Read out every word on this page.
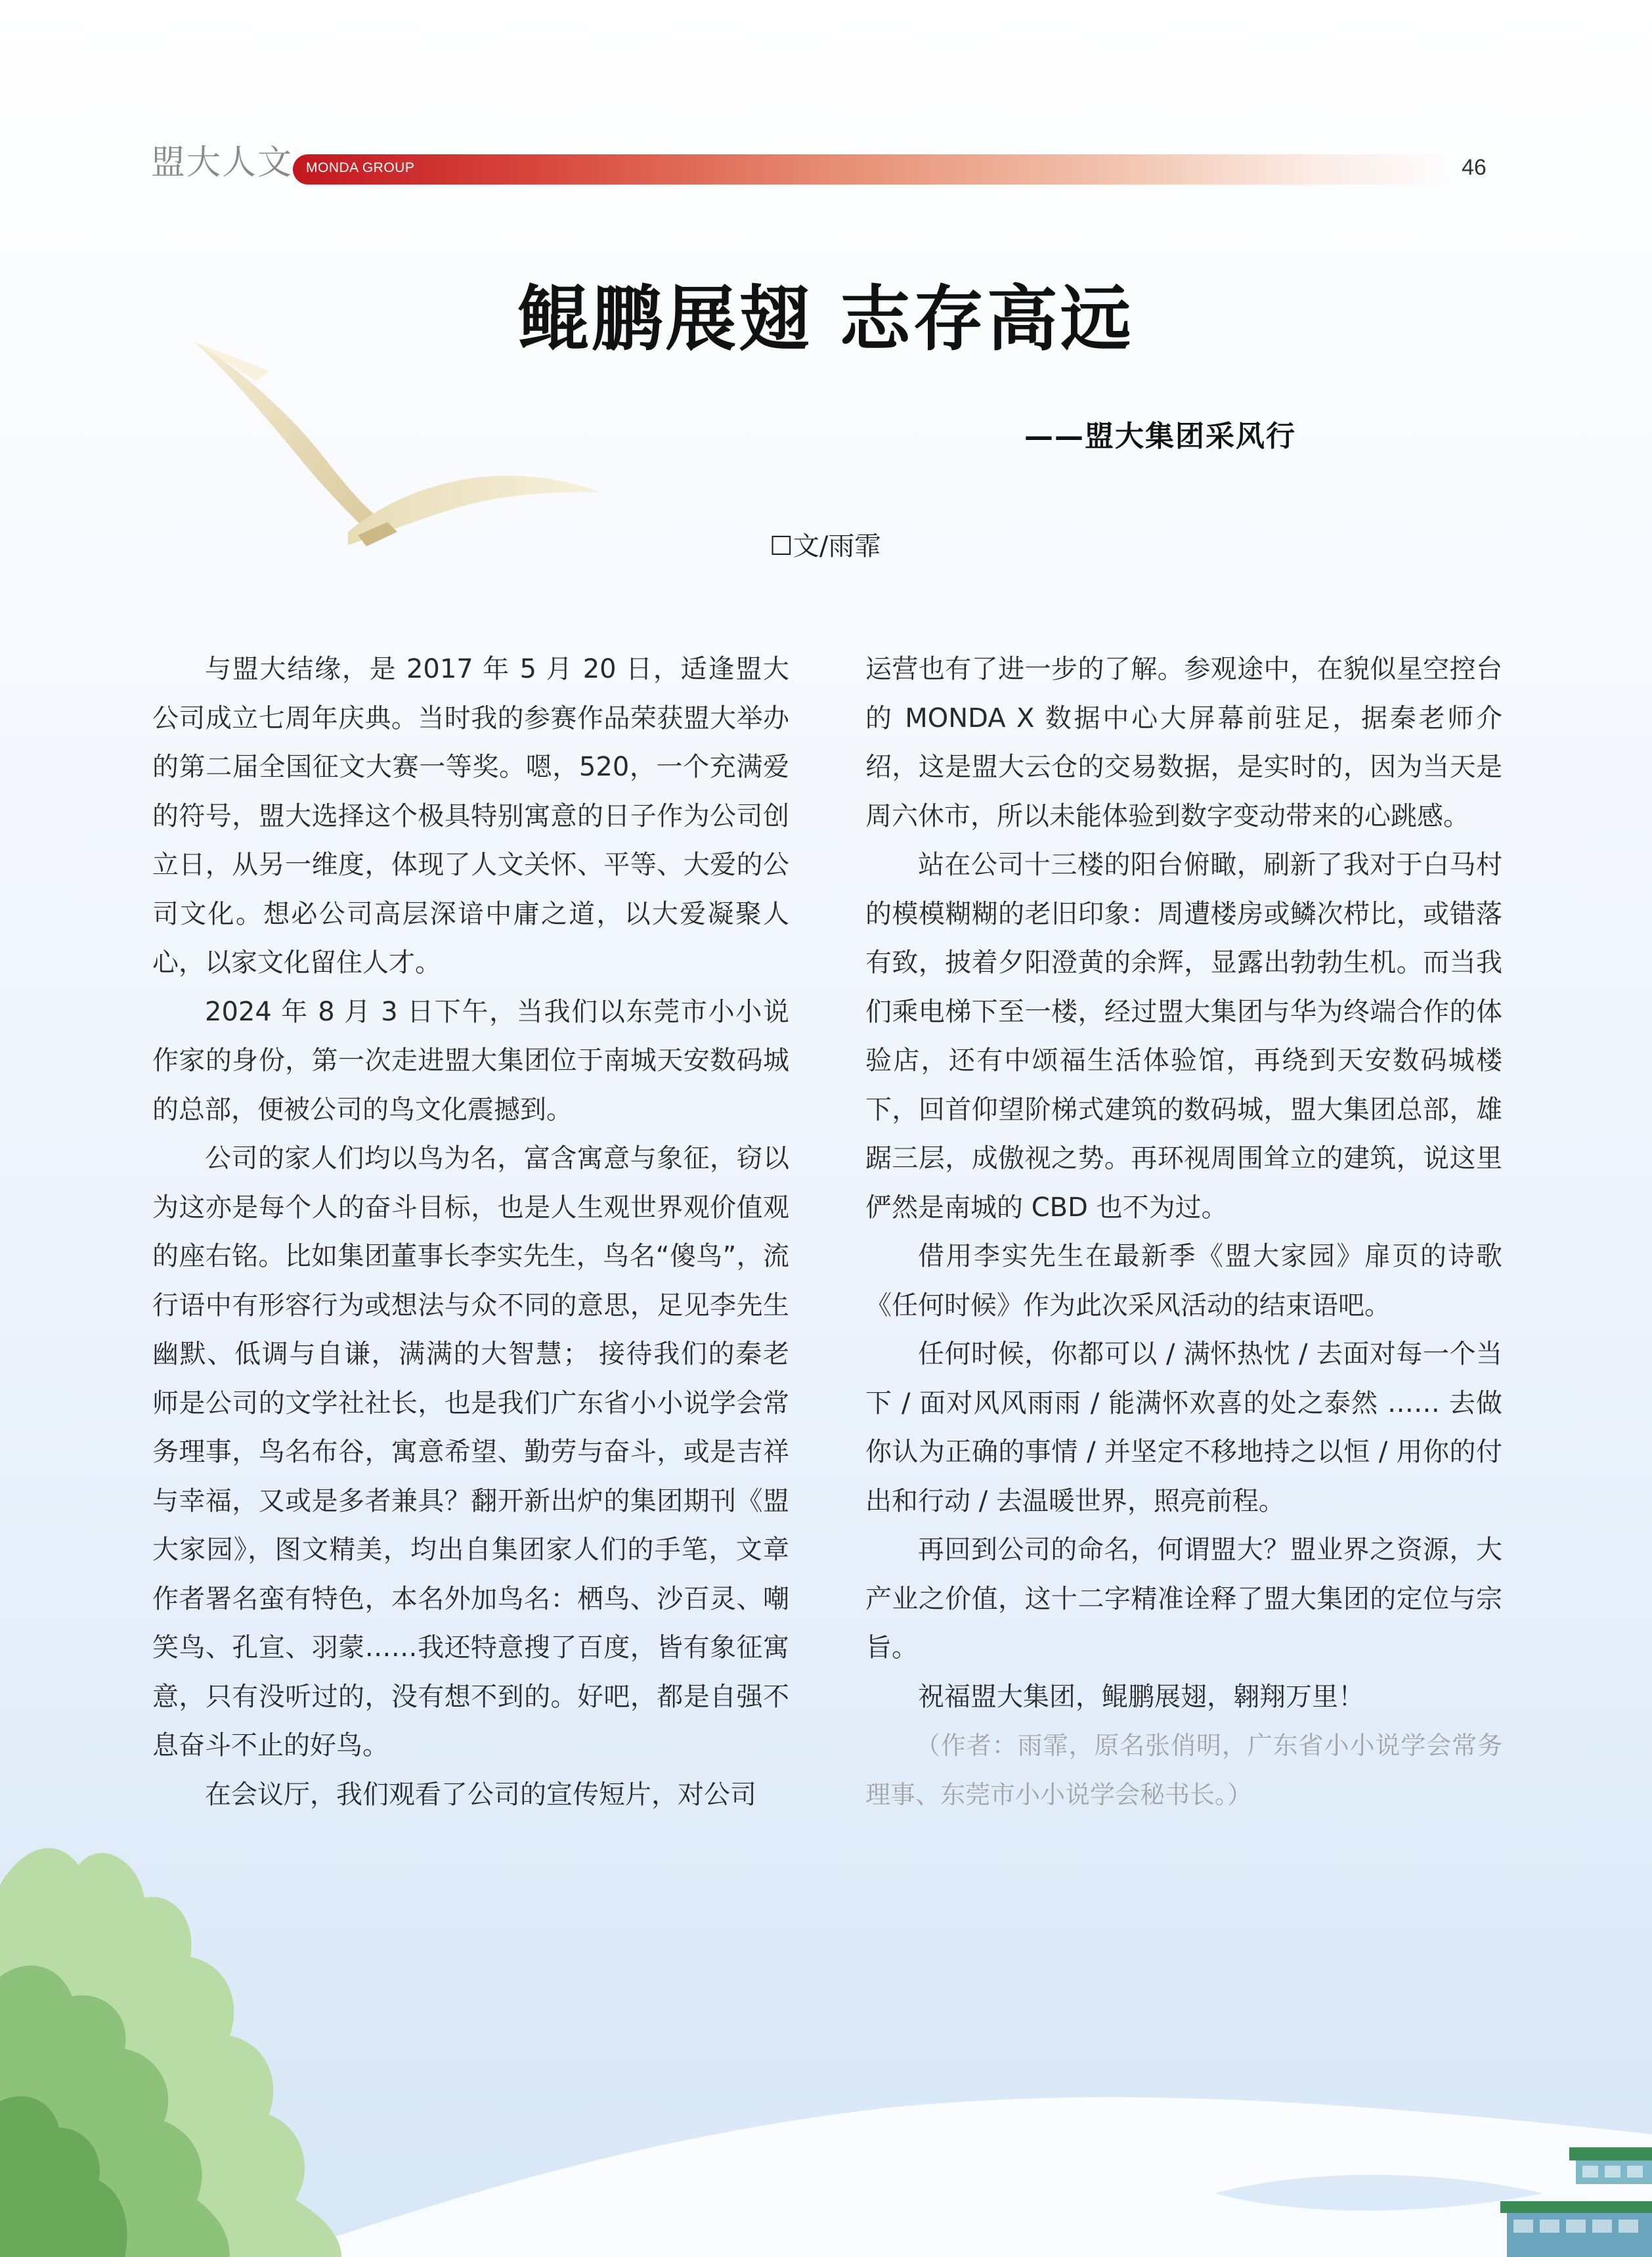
盟大人文 MONDA GROUP	46
鲲鹏展翅 志存高远
——盟大集团采风行
☐文/雨霏

与盟大结缘，是 2017 年 5 月 20 日，适逢盟大公司成立七周年庆典。当时我的参赛作品荣获盟大举办的第二届全国征文大赛一等奖。嗯，520，一个充满爱的符号，盟大选择这个极具特别寓意的日子作为公司创立日，从另一维度，体现了人文关怀、平等、大爱的公司文化。想必公司高层深谙中庸之道，以大爱凝聚人心，以家文化留住人才。

2024 年 8 月 3 日下午，当我们以东莞市小小说作家的身份，第一次走进盟大集团位于南城天安数码城的总部，便被公司的鸟文化震撼到。

公司的家人们均以鸟为名，富含寓意与象征，窃以为这亦是每个人的奋斗目标，也是人生观世界观价值观的座右铭。比如集团董事长李实先生，鸟名“傻鸟”，流行语中有形容行为或想法与众不同的意思，足见李先生幽默、低调与自谦，满满的大智慧； 接待我们的秦老师是公司的文学社社长，也是我们广东省小小说学会常务理事，鸟名布谷，寓意希望、勤劳与奋斗，或是吉祥与幸福，又或是多者兼具？翻开新出炉的集团期刊《盟大家园》，图文精美，均出自集团家人们的手笔，文章作者署名蛮有特色，本名外加鸟名：栖鸟、沙百灵、嘲笑鸟、孔宣、羽蒙……我还特意搜了百度，皆有象征寓意，只有没听过的，没有想不到的。好吧，都是自强不息奋斗不止的好鸟。

在会议厅，我们观看了公司的宣传短片，对公司

运营也有了进一步的了解。参观途中，在貌似星空控台的 MONDA X 数据中心大屏幕前驻足，据秦老师介绍，这是盟大云仓的交易数据，是实时的，因为当天是周六休市，所以未能体验到数字变动带来的心跳感。

站在公司十三楼的阳台俯瞰，刷新了我对于白马村的模模糊糊的老旧印象：周遭楼房或鳞次栉比，或错落有致，披着夕阳澄黄的余辉，显露出勃勃生机。而当我们乘电梯下至一楼，经过盟大集团与华为终端合作的体验店，还有中颂福生活体验馆，再绕到天安数码城楼下，回首仰望阶梯式建筑的数码城，盟大集团总部，雄踞三层，成傲视之势。再环视周围耸立的建筑，说这里俨然是南城的 CBD 也不为过。

借用李实先生在最新季《盟大家园》扉页的诗歌《任何时候》作为此次采风活动的结束语吧。

任何时候，你都可以 / 满怀热忱 / 去面对每一个当下 / 面对风风雨雨 / 能满怀欢喜的处之泰然 …… 去做你认为正确的事情 / 并坚定不移地持之以恒 / 用你的付出和行动 / 去温暖世界，照亮前程。

再回到公司的命名，何谓盟大？盟业界之资源，大产业之价值，这十二字精准诠释了盟大集团的定位与宗旨。

祝福盟大集团，鲲鹏展翅，翱翔万里！

（作者：雨霏，原名张俏明，广东省小小说学会常务理事、东莞市小小说学会秘书长。）
